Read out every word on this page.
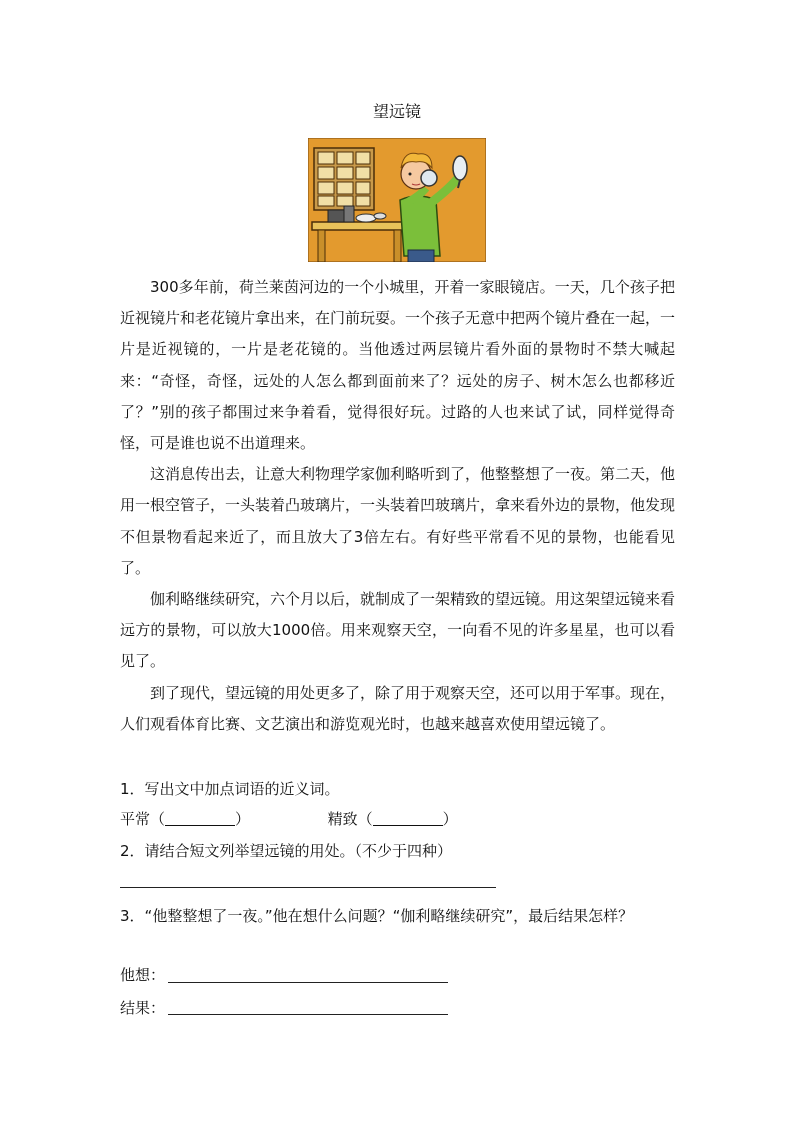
望远镜

300多年前，荷兰莱茵河边的一个小城里，开着一家眼镜店。一天，几个孩子把近视镜片和老花镜片拿出来，在门前玩耍。一个孩子无意中把两个镜片叠在一起，一片是近视镜的，一片是老花镜的。当他透过两层镜片看外面的景物时不禁大喊起来：“奇怪，奇怪，远处的人怎么都到面前来了？远处的房子、树木怎么也都移近了？”别的孩子都围过来争着看，觉得很好玩。过路的人也来试了试，同样觉得奇怪，可是谁也说不出道理来。

这消息传出去，让意大利物理学家伽利略听到了，他整整想了一夜。第二天，他用一根空管子，一头装着凸玻璃片，一头装着凹玻璃片，拿来看外边的景物，他发现不但景物看起来近了，而且放大了3倍左右。有好些平常看不见的景物，也能看见了。

伽利略继续研究，六个月以后，就制成了一架精致的望远镜。用这架望远镜来看远方的景物，可以放大1000倍。用来观察天空，一向看不见的许多星星，也可以看见了。

到了现代，望远镜的用处更多了，除了用于观察天空，还可以用于军事。现在，人们观看体育比赛、文艺演出和游览观光时，也越来越喜欢使用望远镜了。

1．写出文中加点词语的近义词。
平常（	）	精致（	）
2．请结合短文列举望远镜的用处。（不少于四种）
3．“他整整想了一夜。”他在想什么问题？“伽利略继续研究”，最后结果怎样？
他想：
结果：
